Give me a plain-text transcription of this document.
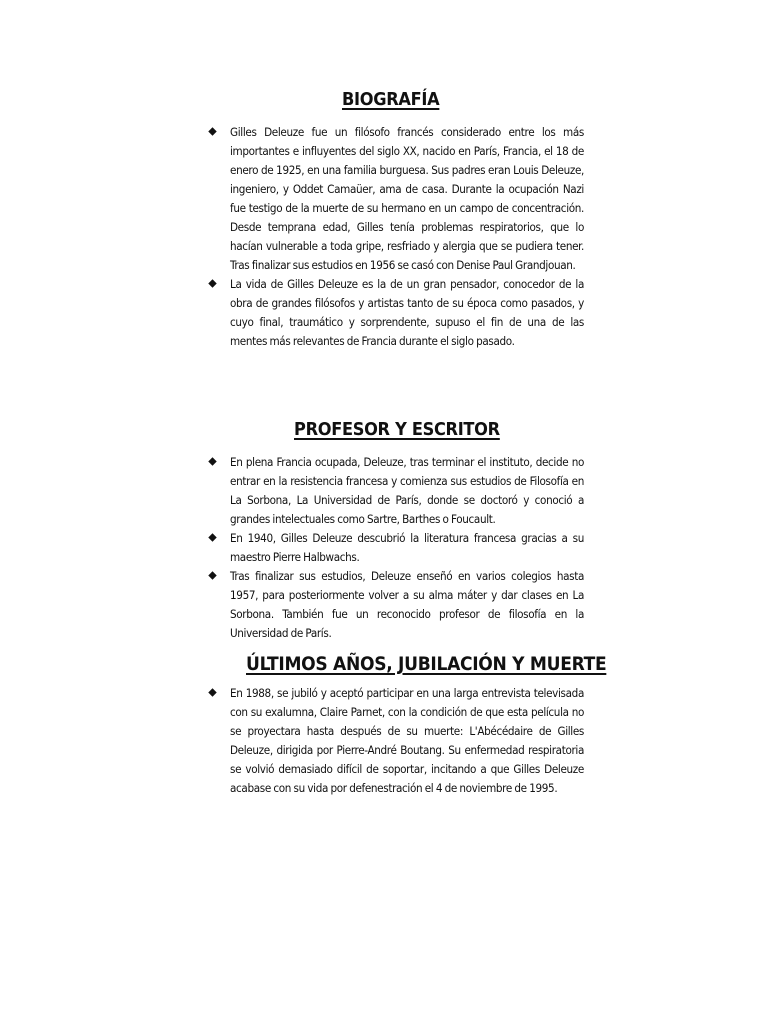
BIOGRAFÍA
Gilles Deleuze fue un filósofo francés considerado entre los más importantes e influyentes del siglo XX, nacido en París, Francia, el 18 de enero de 1925, en una familia burguesa. Sus padres eran Louis Deleuze, ingeniero, y Oddet Camaüer, ama de casa. Durante la ocupación Nazi fue testigo de la muerte de su hermano en un campo de concentración. Desde temprana edad, Gilles tenía problemas respiratorios, que lo hacían vulnerable a toda gripe, resfriado y alergia que se pudiera tener. Tras finalizar sus estudios en 1956 se casó con Denise Paul Grandjouan.
La vida de Gilles Deleuze es la de un gran pensador, conocedor de la obra de grandes filósofos y artistas tanto de su época como pasados, y cuyo final, traumático y sorprendente, supuso el fin de una de las mentes más relevantes de Francia durante el siglo pasado.
PROFESOR Y ESCRITOR
En plena Francia ocupada, Deleuze, tras terminar el instituto, decide no entrar en la resistencia francesa y comienza sus estudios de Filosofía en La Sorbona, La Universidad de París, donde se doctoró y conoció a grandes intelectuales como Sartre, Barthes o Foucault.
En 1940, Gilles Deleuze descubrió la literatura francesa gracias a su maestro Pierre Halbwachs.
Tras finalizar sus estudios, Deleuze enseñó en varios colegios hasta 1957, para posteriormente volver a su alma máter y dar clases en La Sorbona. También fue un reconocido profesor de filosofía en la Universidad de París.
ÚLTIMOS AÑOS, JUBILACIÓN Y MUERTE
En 1988, se jubiló y aceptó participar en una larga entrevista televisada con su exalumna, Claire Parnet, con la condición de que esta película no se proyectara hasta después de su muerte: L'Abécédaire de Gilles Deleuze, dirigida por Pierre-André Boutang. Su enfermedad respiratoria se volvió demasiado difícil de soportar, incitando a que Gilles Deleuze acabase con su vida por defenestración el 4 de noviembre de 1995.
